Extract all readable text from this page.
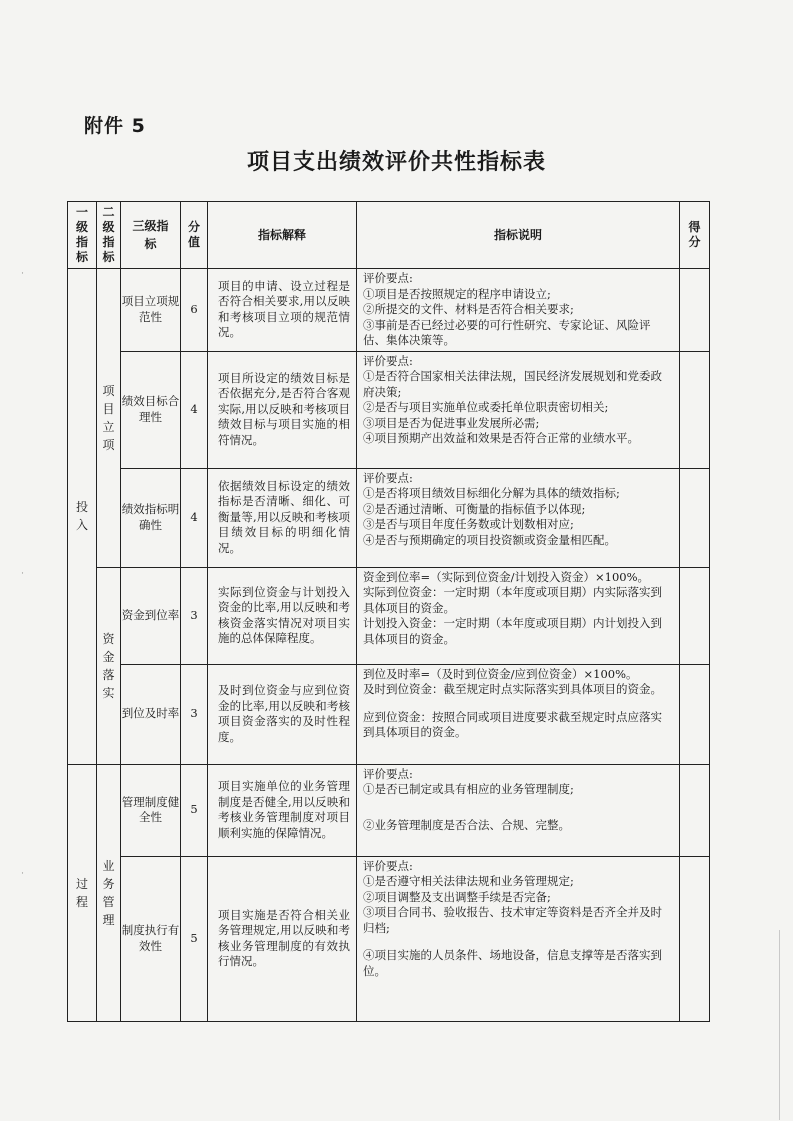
附件 5
项目支出绩效评价共性指标表
˙
˙
˙
一级指标	二级指标	三级指标	分值	指标解释	指标说明	得分
投入	项目立项	项目立项规范性	6	项目的申请、设立过程是否符合相关要求,用以反映和考核项目立项的规范情况。	评价要点:

①项目是否按照规定的程序申请设立;

②所提交的文件、材料是否符合相关要求;

③事前是否已经过必要的可行性研究、专家论证、风险评估、集体决策等。	

		绩效目标合理性	4	项目所设定的绩效目标是否依据充分,是否符合客观实际,用以反映和考核项目绩效目标与项目实施的相符情况。	评价要点:

①是否符合国家相关法律法规，国民经济发展规划和党委政府决策;

②是否与项目实施单位或委托单位职责密切相关;

③项目是否为促进事业发展所必需;

④项目预期产出效益和效果是否符合正常的业绩水平。	

		绩效指标明确性	4	依据绩效目标设定的绩效指标是否清晰、细化、可衡量等,用以反映和考核项目绩效目标的明细化情况。	评价要点:

①是否将项目绩效目标细化分解为具体的绩效指标;

②是否通过清晰、可衡量的指标值予以体现;

③是否与项目年度任务数或计划数相对应;

④是否与预期确定的项目投资额或资金量相匹配。	

	资金落实	资金到位率	3	实际到位资金与计划投入资金的比率,用以反映和考核资金落实情况对项目实施的总体保障程度。	资金到位率=（实际到位资金/计划投入资金）×100%。

实际到位资金：一定时期（本年度或项目期）内实际落实到具体项目的资金。

计划投入资金：一定时期（本年度或项目期）内计划投入到具体项目的资金。	

		到位及时率	3	及时到位资金与应到位资金的比率,用以反映和考核项目资金落实的及时性程度。	到位及时率=（及时到位资金/应到位资金）×100%。

及时到位资金：截至规定时点实际落实到具体项目的资金。

应到位资金：按照合同或项目进度要求截至规定时点应落实到具体项目的资金。	

过程	业务管理	管理制度健全性	5	项目实施单位的业务管理制度是否健全,用以反映和考核业务管理制度对项目顺利实施的保障情况。	评价要点:

①是否已制定或具有相应的业务管理制度;

②业务管理制度是否合法、合规、完整。	

		制度执行有效性	5	项目实施是否符合相关业务管理规定,用以反映和考核业务管理制度的有效执行情况。	评价要点:

①是否遵守相关法律法规和业务管理规定;

②项目调整及支出调整手续是否完备;

③项目合同书、验收报告、技术审定等资料是否齐全并及时归档;

④项目实施的人员条件、场地设备，信息支撑等是否落实到位。	
